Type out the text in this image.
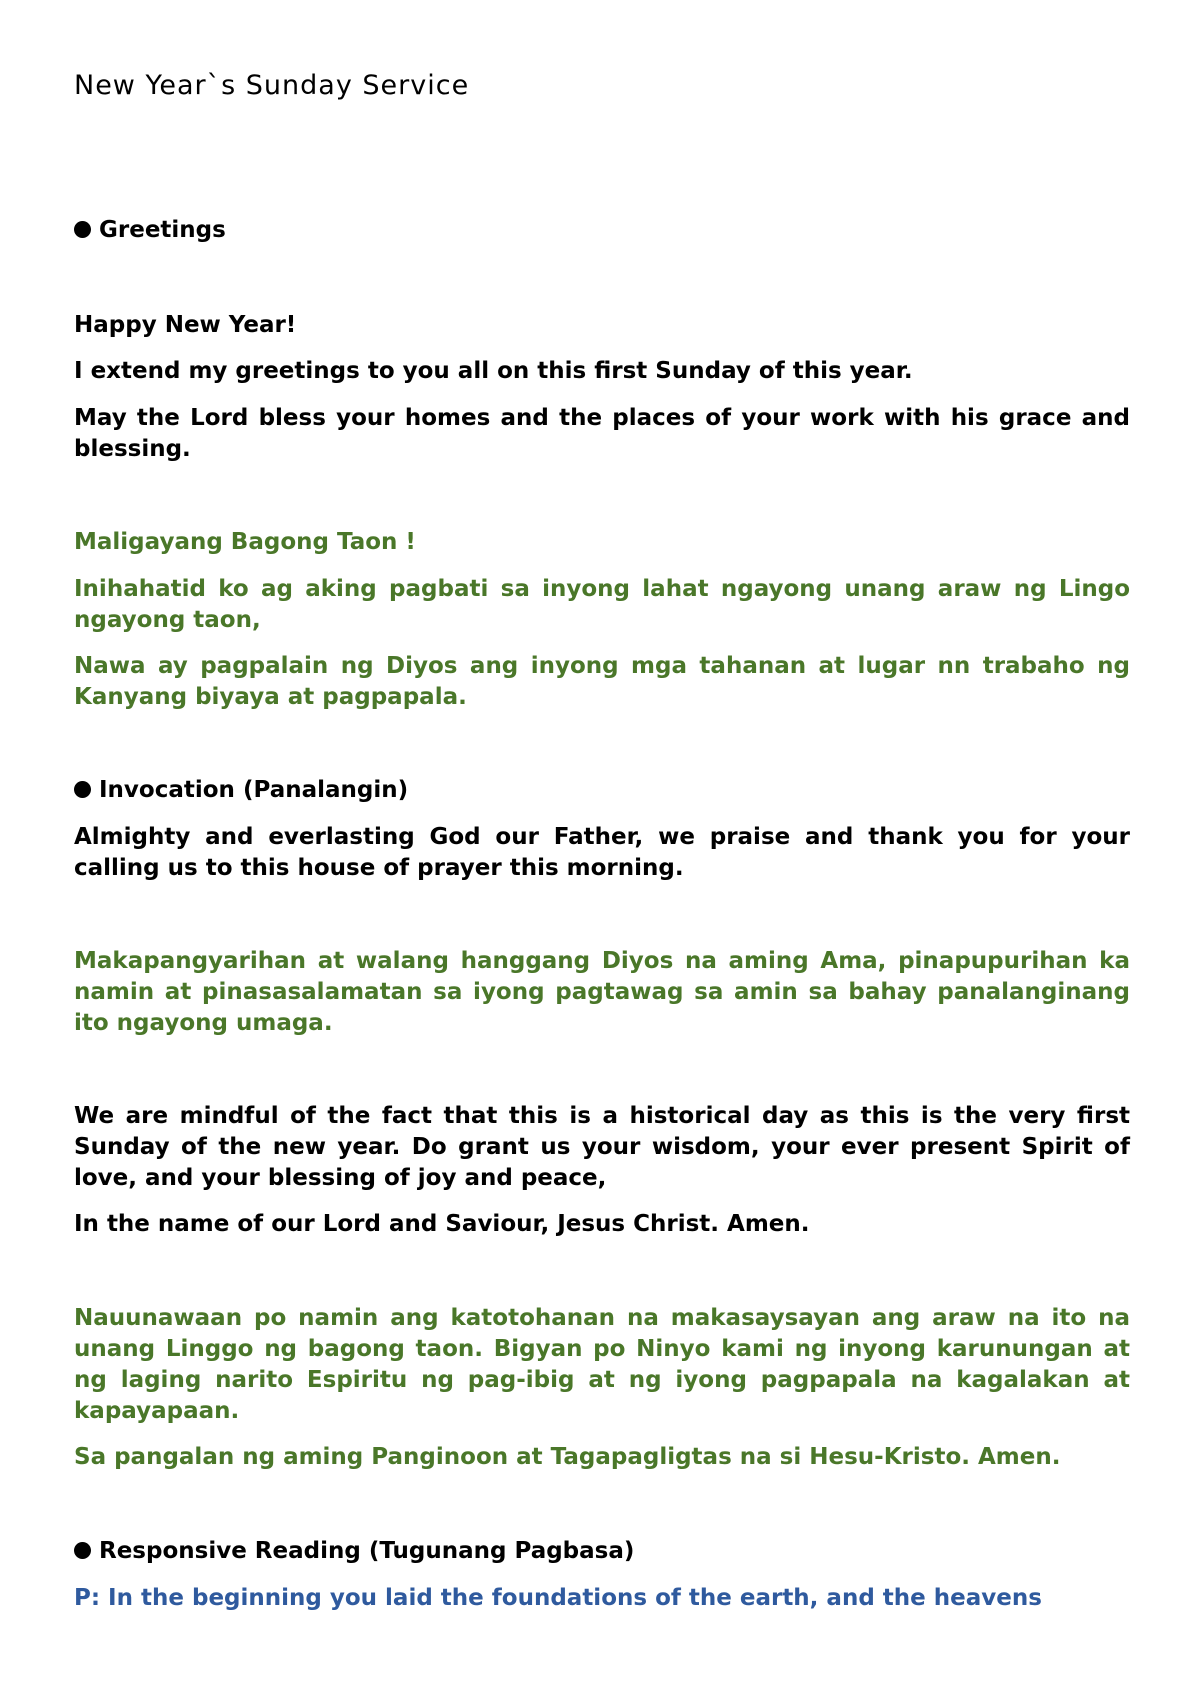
New Year`s Sunday Service
Greetings
Happy New Year!
I extend my greetings to you all on this first Sunday of this year.
May the Lord bless your homes and the places of your work with his grace and blessing.
Maligayang Bagong Taon !
Inihahatid ko ag aking pagbati sa inyong lahat ngayong unang araw ng Lingo ngayong taon,
Nawa ay pagpalain ng Diyos ang inyong mga tahanan at lugar nn trabaho ng Kanyang biyaya at pagpapala.
Invocation (Panalangin)
Almighty and everlasting God our Father, we praise and thank you for your calling us to this house of prayer this morning.
Makapangyarihan at walang hanggang Diyos na aming Ama, pinapupurihan ka namin at pinasasalamatan sa iyong pagtawag sa amin sa bahay panalanginang ito ngayong umaga.
We are mindful of the fact that this is a historical day as this is the very first Sunday of the new year. Do grant us your wisdom, your ever present Spirit of love, and your blessing of joy and peace,
In the name of our Lord and Saviour, Jesus Christ. Amen.
Nauunawaan po namin ang katotohanan na makasaysayan ang araw na ito na unang Linggo ng bagong taon. Bigyan po Ninyo kami ng inyong karunungan at ng laging narito Espiritu ng pag-ibig at ng iyong pagpapala na kagalakan at kapayapaan.
Sa pangalan ng aming Panginoon at Tagapagligtas na si Hesu-Kristo. Amen.
Responsive Reading (Tugunang Pagbasa)
P: In the beginning you laid the foundations of the earth, and the heavens
